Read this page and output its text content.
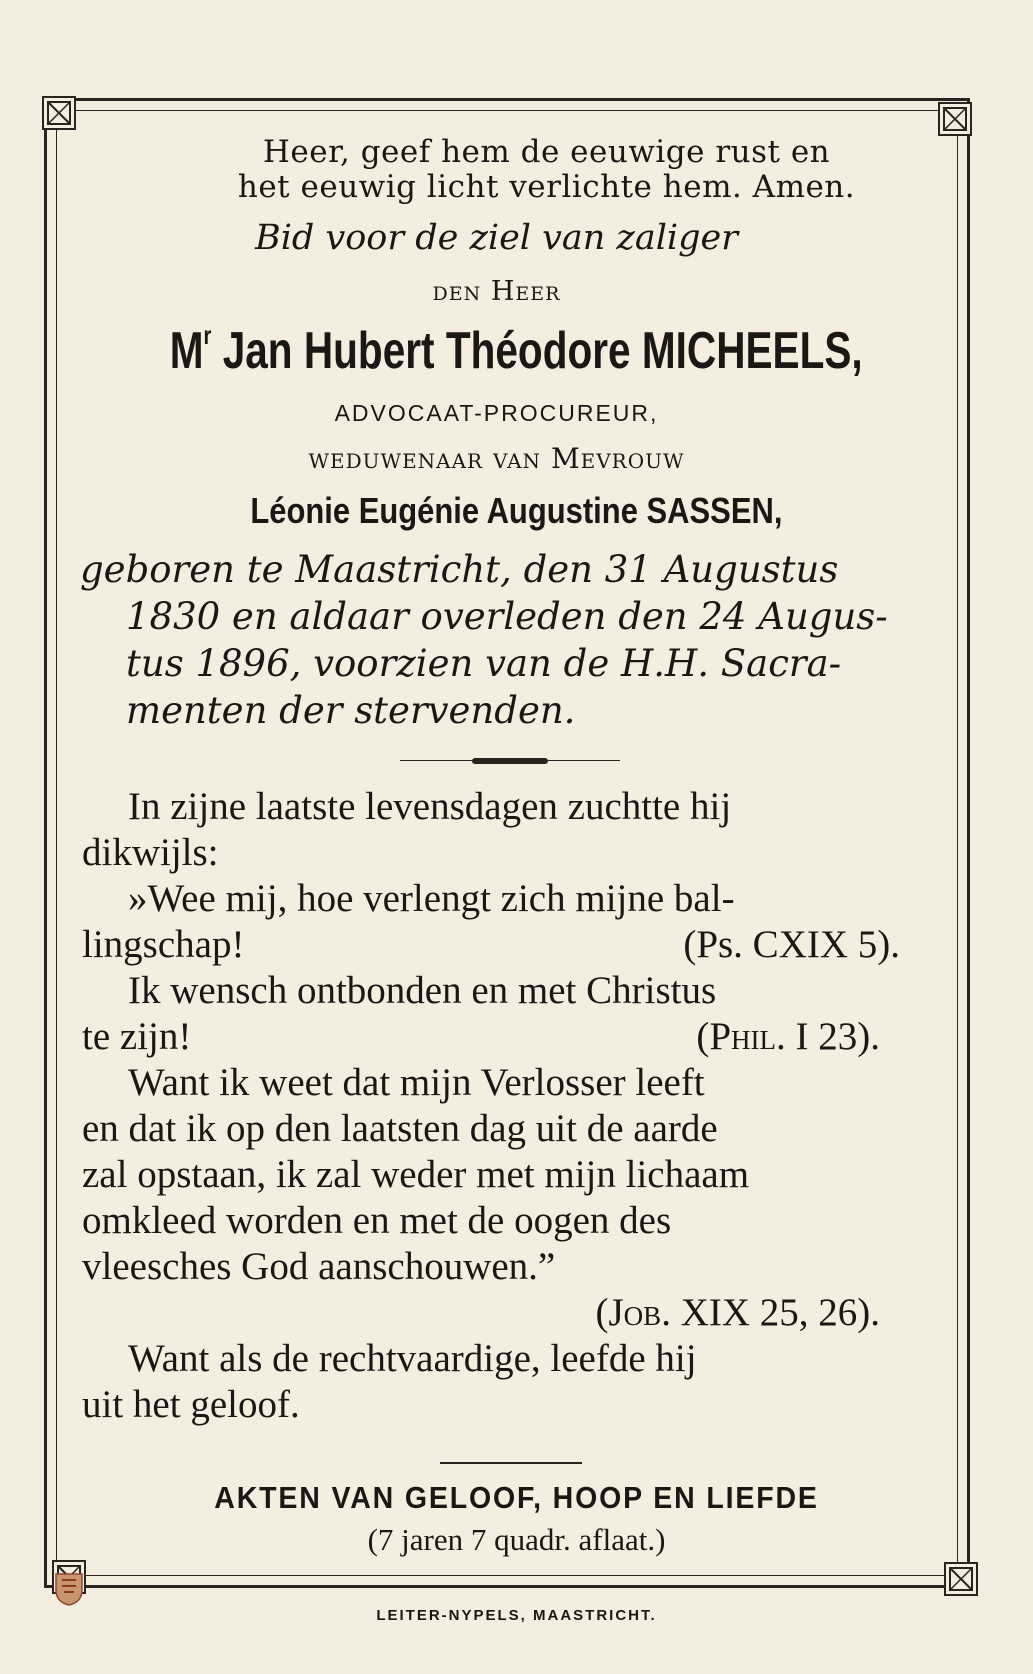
Heer, geef hem de eeuwige rust en
het eeuwig licht verlichte hem. Amen.
Bid voor de ziel van zaliger
den Heer
$M^r$ Jan Hubert Théodore MICHEELS,
ADVOCAAT-PROCUREUR,
weduwenaar van Mevrouw
Léonie Eugénie Augustine SASSEN,
geboren te Maastricht, den 31 Augustus
1830 en aldaar overleden den 24 Augus-
tus 1896, voorzien van de H.H. Sacra-
menten der stervenden.
In zijne laatste levensdagen zuchtte hij
dikwijls:
»Wee mij, hoe verlengt zich mijne bal-
lingschap!	(Ps. CXIX 5).
Ik wensch ontbonden en met Christus
te zijn!	(Phil. I 23).
Want ik weet dat mijn Verlosser leeft
en dat ik op den laatsten dag uit de aarde
zal opstaan, ik zal weder met mijn lichaam
omkleed worden en met de oogen des
vleesches God aanschouwen.”
(Job. XIX 25, 26).

Want als de rechtvaardige, leefde hij
uit het geloof.
AKTEN VAN GELOOF, HOOP EN LIEFDE
(7 jaren 7 quadr. aflaat.)
LEITER-NYPELS, MAASTRICHT.
